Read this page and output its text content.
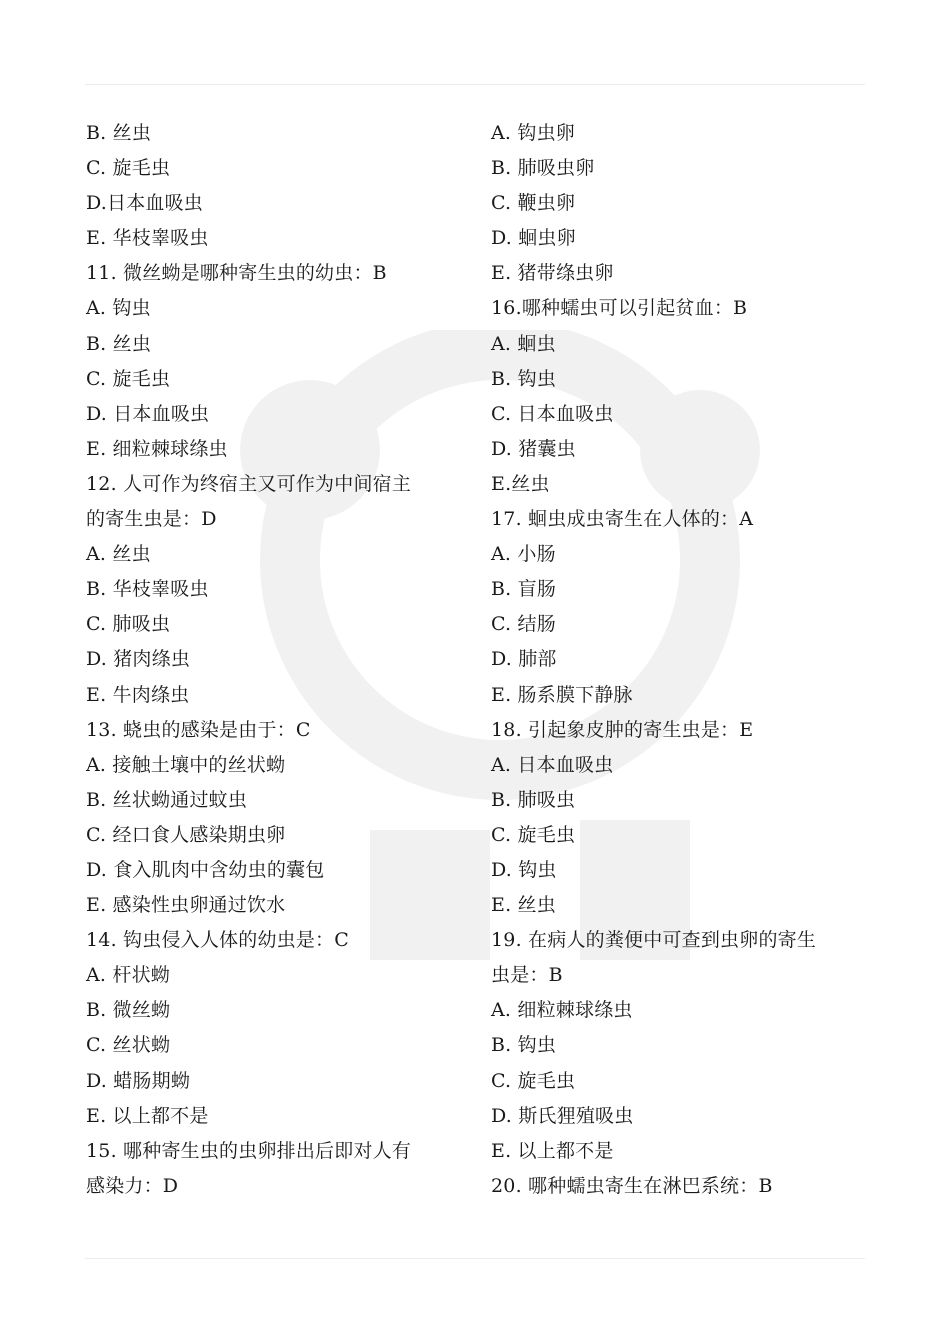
B. 丝虫
C. 旋毛虫
D.日本血吸虫
E. 华枝睾吸虫
11. 微丝蚴是哪种寄生虫的幼虫：B
A. 钩虫
B. 丝虫
C. 旋毛虫
D. 日本血吸虫
E. 细粒棘球绦虫
12. 人可作为终宿主又可作为中间宿主
的寄生虫是：D
A. 丝虫
B. 华枝睾吸虫
C. 肺吸虫
D. 猪肉绦虫
E. 牛肉绦虫
13. 蛲虫的感染是由于：C
A. 接触土壤中的丝状蚴
B. 丝状蚴通过蚊虫
C. 经口食人感染期虫卵
D. 食入肌肉中含幼虫的囊包
E. 感染性虫卵通过饮水
14. 钩虫侵入人体的幼虫是：C
A. 杆状蚴
B. 微丝蚴
C. 丝状蚴
D. 蜡肠期蚴
E. 以上都不是
15. 哪种寄生虫的虫卵排出后即对人有
感染力：D
A. 钩虫卵
B. 肺吸虫卵
C. 鞭虫卵
D. 蛔虫卵
E. 猪带绦虫卵
16.哪种蠕虫可以引起贫血：B
A. 蛔虫
B. 钩虫
C. 日本血吸虫
D. 猪囊虫
E.丝虫
17. 蛔虫成虫寄生在人体的：A
A. 小肠
B. 盲肠
C. 结肠
D. 肺部
E. 肠系膜下静脉
18. 引起象皮肿的寄生虫是：E
A. 日本血吸虫
B. 肺吸虫
C. 旋毛虫
D. 钩虫
E. 丝虫
19. 在病人的粪便中可查到虫卵的寄生
虫是：B
A. 细粒棘球绦虫
B. 钩虫
C. 旋毛虫
D. 斯氏狸殖吸虫
E. 以上都不是
20. 哪种蠕虫寄生在淋巴系统：B
